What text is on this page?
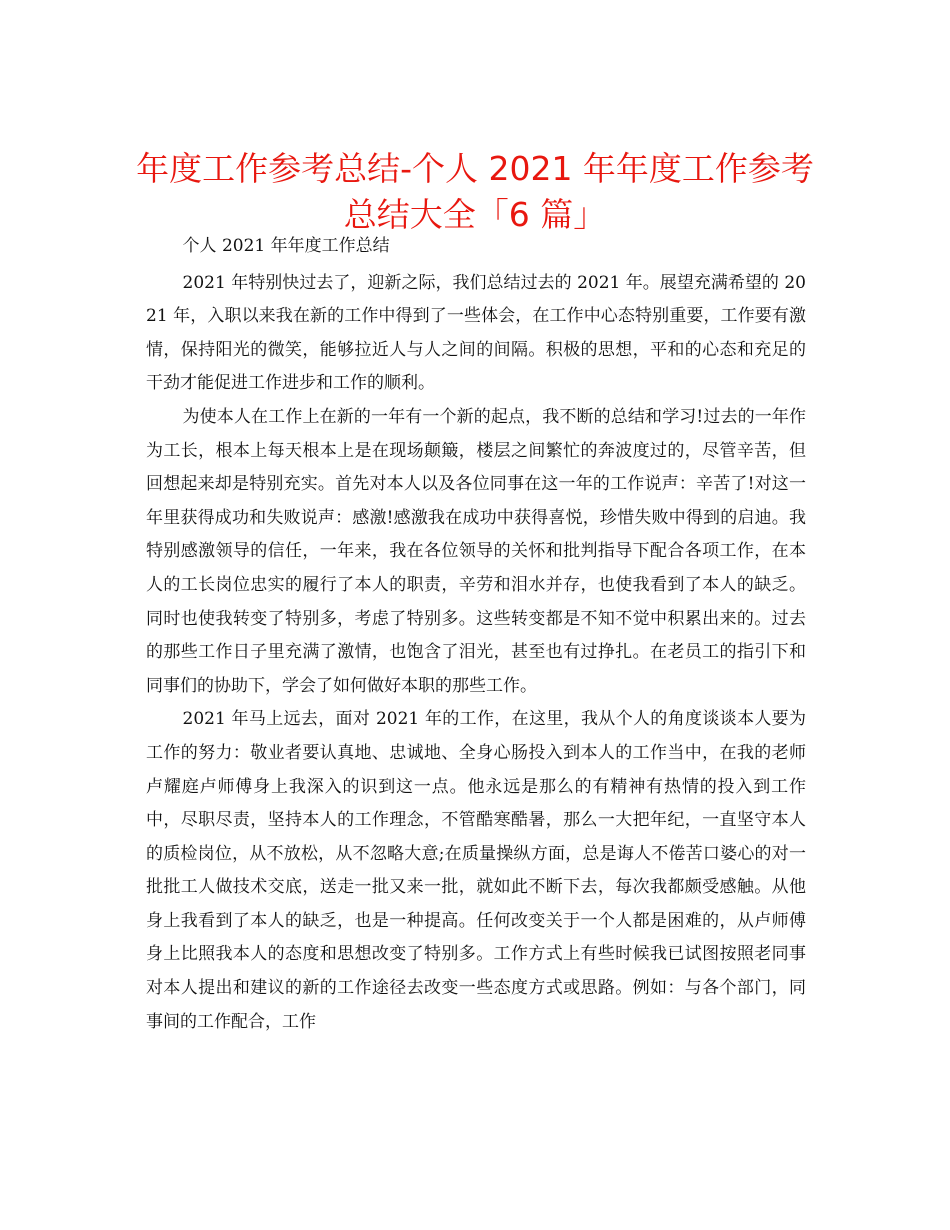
年度工作参考总结-个人 2021 年年度工作参考
总结大全「6 篇」

个人 2021 年年度工作总结

2021 年特别快过去了，迎新之际，我们总结过去的 2021 年。展望充满希望的 2021 年，入职以来我在新的工作中得到了一些体会，在工作中心态特别重要，工作要有激情，保持阳光的微笑，能够拉近人与人之间的间隔。积极的思想，平和的心态和充足的干劲才能促进工作进步和工作的顺利。

为使本人在工作上在新的一年有一个新的起点，我不断的总结和学习!过去的一年作为工长，根本上每天根本上是在现场颠簸，楼层之间繁忙的奔波度过的，尽管辛苦，但回想起来却是特别充实。首先对本人以及各位同事在这一年的工作说声：辛苦了!对这一年里获得成功和失败说声：感激!感激我在成功中获得喜悦，珍惜失败中得到的启迪。我特别感激领导的信任，一年来，我在各位领导的关怀和批判指导下配合各项工作，在本人的工长岗位忠实的履行了本人的职责，辛劳和泪水并存，也使我看到了本人的缺乏。同时也使我转变了特别多，考虑了特别多。这些转变都是不知不觉中积累出来的。过去的那些工作日子里充满了激情，也饱含了泪光，甚至也有过挣扎。在老员工的指引下和同事们的协助下，学会了如何做好本职的那些工作。

2021 年马上远去，面对 2021 年的工作，在这里，我从个人的角度谈谈本人要为工作的努力：敬业者要认真地、忠诚地、全身心肠投入到本人的工作当中，在我的老师卢耀庭卢师傅身上我深入的识到这一点。他永远是那么的有精神有热情的投入到工作中，尽职尽责，坚持本人的工作理念，不管酷寒酷暑，那么一大把年纪，一直坚守本人的质检岗位，从不放松，从不忽略大意;在质量操纵方面，总是诲人不倦苦口婆心的对一批批工人做技术交底，送走一批又来一批，就如此不断下去，每次我都颇受感触。从他身上我看到了本人的缺乏，也是一种提高。任何改变关于一个人都是困难的，从卢师傅身上比照我本人的态度和思想改变了特别多。工作方式上有些时候我已试图按照老同事对本人提出和建议的新的工作途径去改变一些态度方式或思路。例如：与各个部门，同事间的工作配合，工作
